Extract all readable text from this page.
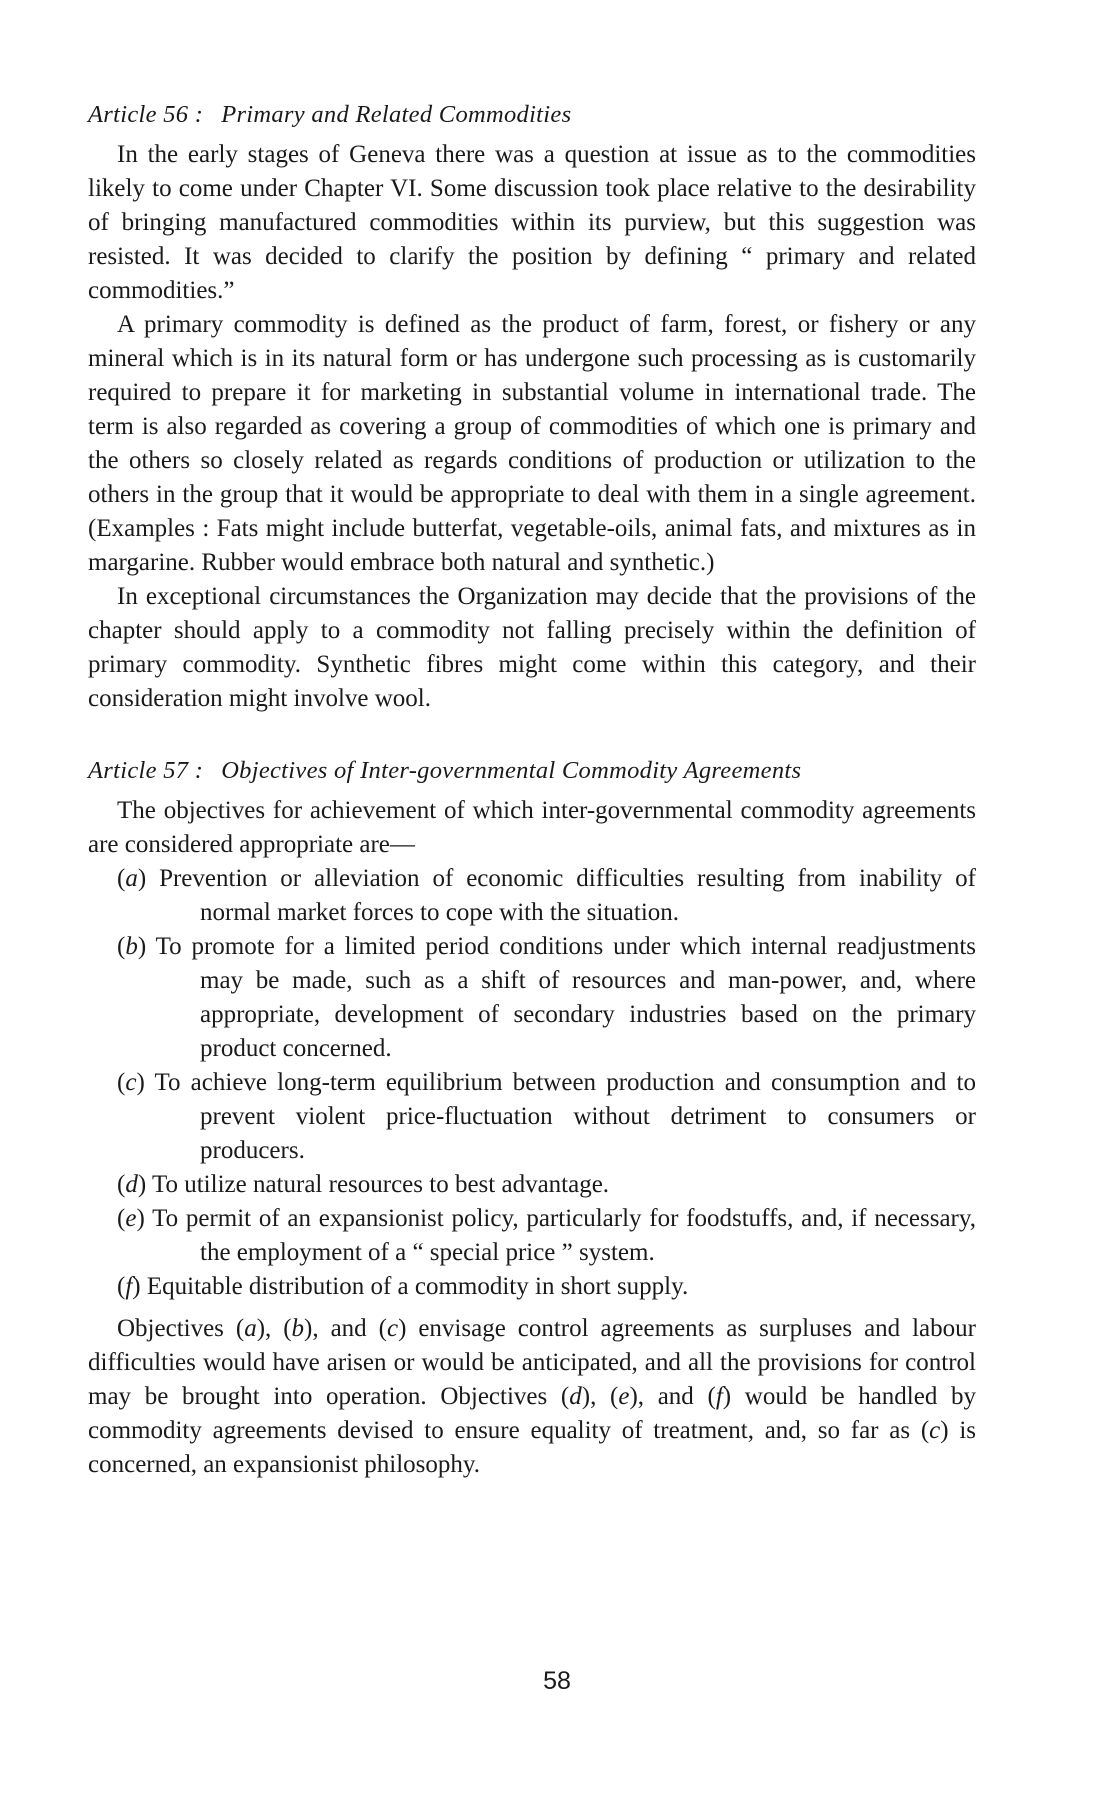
Article 56 : Primary and Related Commodities

In the early stages of Geneva there was a question at issue as to the commodities likely to come under Chapter VI. Some discussion took place relative to the desirability of bringing manufactured commodities within its purview, but this suggestion was resisted. It was decided to clarify the position by defining “ primary and related commodities.”

A primary commodity is defined as the product of farm, forest, or fishery or any mineral which is in its natural form or has undergone such processing as is customarily required to prepare it for marketing in substantial volume in international trade. The term is also regarded as covering a group of commodities of which one is primary and the others so closely related as regards conditions of production or utilization to the others in the group that it would be appropriate to deal with them in a single agreement. (Examples : Fats might include butterfat, vegetable-oils, animal fats, and mixtures as in margarine. Rubber would embrace both natural and synthetic.)

In exceptional circumstances the Organization may decide that the provisions of the chapter should apply to a commodity not falling precisely within the definition of primary commodity. Synthetic fibres might come within this category, and their consideration might involve wool.

Article 57 : Objectives of Inter-governmental Commodity Agreements

The objectives for achievement of which inter-governmental commodity agreements are considered appropriate are—

(a) Prevention or alleviation of economic difficulties resulting from inability of normal market forces to cope with the situation.
(b) To promote for a limited period conditions under which internal readjustments may be made, such as a shift of resources and man-power, and, where appropriate, development of secondary industries based on the primary product concerned.
(c) To achieve long-term equilibrium between production and consumption and to prevent violent price-fluctuation without detriment to consumers or producers.
(d) To utilize natural resources to best advantage.
(e) To permit of an expansionist policy, particularly for foodstuffs, and, if necessary, the employment of a “ special price ” system.
(f) Equitable distribution of a commodity in short supply.

Objectives (a), (b), and (c) envisage control agreements as surpluses and labour difficulties would have arisen or would be anticipated, and all the provisions for control may be brought into operation. Objectives (d), (e), and (f) would be handled by commodity agreements devised to ensure equality of treatment, and, so far as (c) is concerned, an expansionist philosophy.

58
